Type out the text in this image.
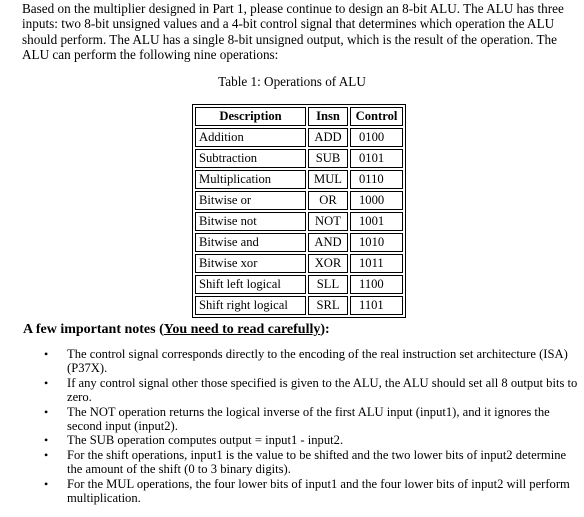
Based on the multiplier designed in Part 1, please continue to design an 8-bit ALU. The ALU has three inputs: two 8-bit unsigned values and a 4-bit control signal that determines which operation the ALU should perform. The ALU has a single 8-bit unsigned output, which is the result of the operation. The ALU can perform the following nine operations:
Table 1: Operations of ALU
Description	Insn	Control
Addition	ADD	0100
Subtraction	SUB	0101
Multiplication	MUL	0110
Bitwise or	OR	1000
Bitwise not	NOT	1001
Bitwise and	AND	1010
Bitwise xor	XOR	1011
Shift left logical	SLL	1100
Shift right logical	SRL	1101
A few important notes (You need to read carefully):
• The control signal corresponds directly to the encoding of the real instruction set architecture (ISA) (P37X).
• If any control signal other those specified is given to the ALU, the ALU should set all 8 output bits to zero.
• The NOT operation returns the logical inverse of the first ALU input (input1), and it ignores the second input (input2).
• The SUB operation computes output = input1 - input2.
• For the shift operations, input1 is the value to be shifted and the two lower bits of input2 determine the amount of the shift (0 to 3 binary digits).
• For the MUL operations, the four lower bits of input1 and the four lower bits of input2 will perform multiplication.
